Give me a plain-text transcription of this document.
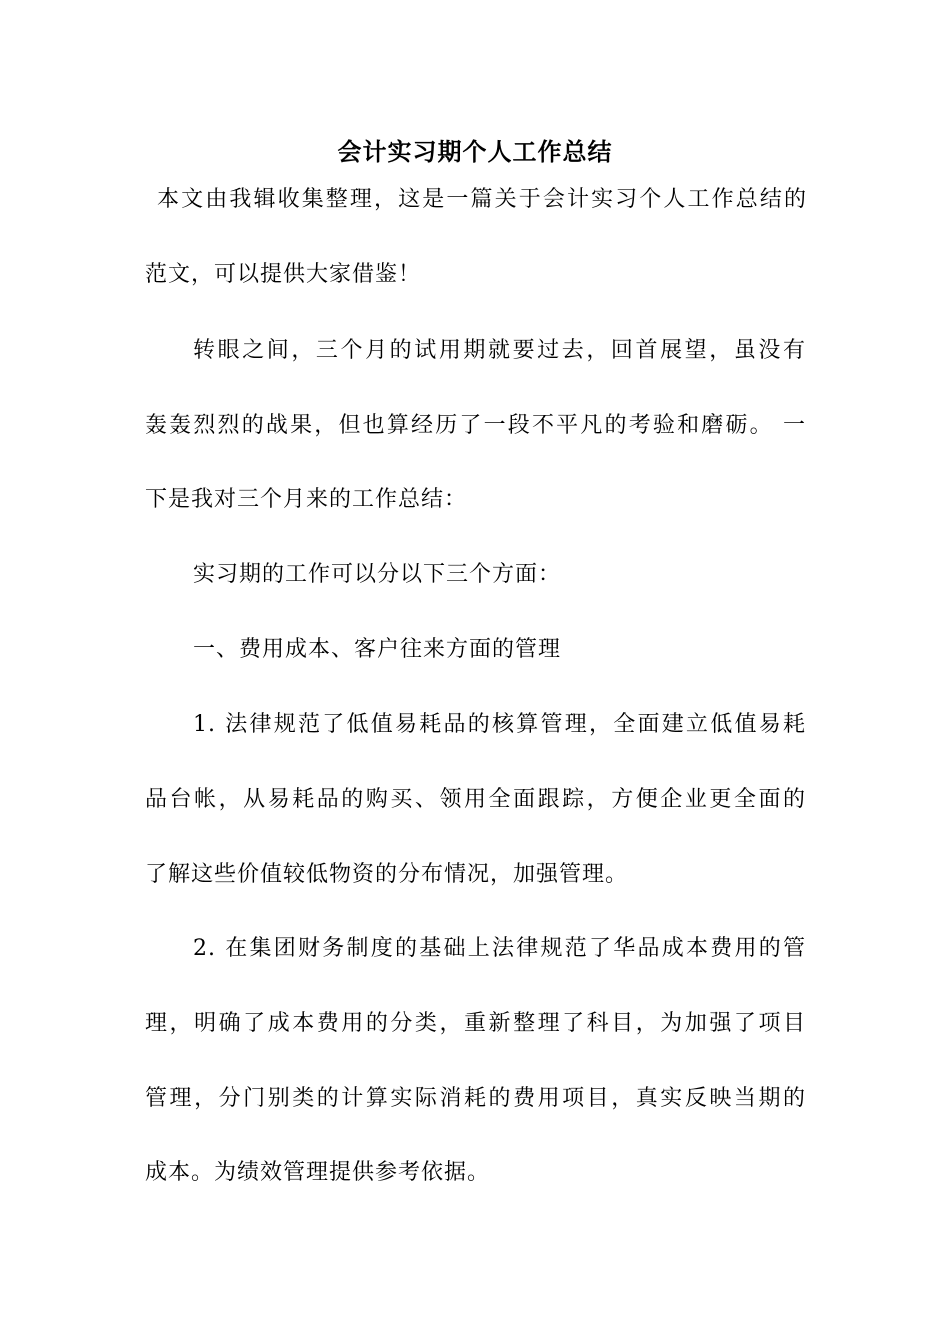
会计实习期个人工作总结
本文由我辑收集整理，这是一篇关于会计实习个人工作总结的
范文，可以提供大家借鉴！
转眼之间，三个月的试用期就要过去，回首展望，虽没有
轰轰烈烈的战果，但也算经历了一段不平凡的考验和磨砺。 一
下是我对三个月来的工作总结：
实习期的工作可以分以下三个方面：
一、费用成本、客户往来方面的管理
1. 法律规范了低值易耗品的核算管理，全面建立低值易耗
品台帐，从易耗品的购买、领用全面跟踪，方便企业更全面的
了解这些价值较低物资的分布情况，加强管理。
2. 在集团财务制度的基础上法律规范了华品成本费用的管
理，明确了成本费用的分类，重新整理了科目，为加强了项目
管理，分门别类的计算实际消耗的费用项目，真实反映当期的
成本。为绩效管理提供参考依据。
